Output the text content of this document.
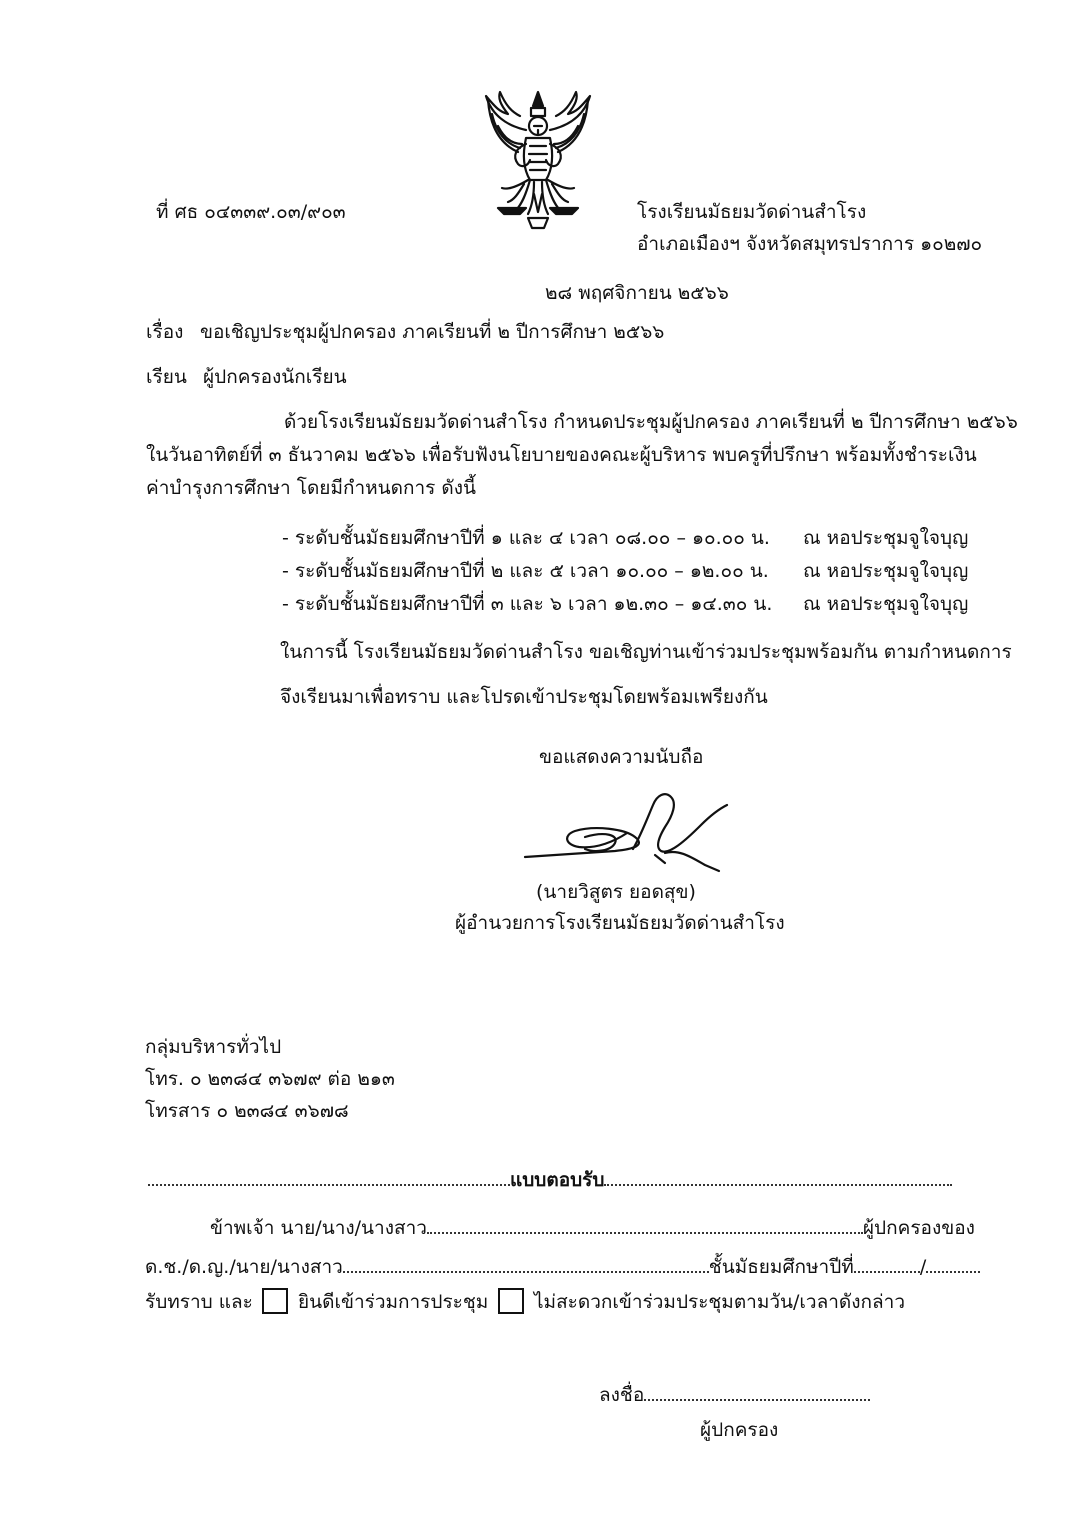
ที่ ศธ ๐๔๓๓๙.๐๓/๙๐๓	โรงเรียนมัธยมวัดด่านสำโรง
อำเภอเมืองฯ จังหวัดสมุทรปราการ ๑๐๒๗๐
๒๘ พฤศจิกายน ๒๕๖๖
เรื่อง ขอเชิญประชุมผู้ปกครอง ภาคเรียนที่ ๒ ปีการศึกษา ๒๕๖๖
เรียน ผู้ปกครองนักเรียน
ด้วยโรงเรียนมัธยมวัดด่านสำโรง กำหนดประชุมผู้ปกครอง ภาคเรียนที่ ๒ ปีการศึกษา ๒๕๖๖
ในวันอาทิตย์ที่ ๓ ธันวาคม ๒๕๖๖ เพื่อรับฟังนโยบายของคณะผู้บริหาร พบครูที่ปรึกษา พร้อมทั้งชำระเงิน
ค่าบำรุงการศึกษา โดยมีกำหนดการ ดังนี้
- ระดับชั้นมัธยมศึกษาปีที่ ๑ และ ๔ เวลา ๐๘.๐๐ – ๑๐.๐๐ น. ณ หอประชุมจูใจบุญ
- ระดับชั้นมัธยมศึกษาปีที่ ๒ และ ๕ เวลา ๑๐.๐๐ – ๑๒.๐๐ น. ณ หอประชุมจูใจบุญ
- ระดับชั้นมัธยมศึกษาปีที่ ๓ และ ๖ เวลา ๑๒.๓๐ – ๑๔.๓๐ น. ณ หอประชุมจูใจบุญ
ในการนี้ โรงเรียนมัธยมวัดด่านสำโรง ขอเชิญท่านเข้าร่วมประชุมพร้อมกัน ตามกำหนดการ
จึงเรียนมาเพื่อทราบ และโปรดเข้าประชุมโดยพร้อมเพรียงกัน
ขอแสดงความนับถือ
(นายวิสูตร ยอดสุข)
ผู้อำนวยการโรงเรียนมัธยมวัดด่านสำโรง
กลุ่มบริหารทั่วไป
โทร. ๐ ๒๓๘๔ ๓๖๗๙ ต่อ ๒๑๓
โทรสาร ๐ ๒๓๘๔ ๓๖๗๘
แบบตอบรับ
ข้าพเจ้า นาย/นาง/นางสาว	ผู้ปกครองของ
ด.ช./ด.ญ./นาย/นางสาว	ชั้นมัธยมศึกษาปีที่	/
รับทราบ และ ยินดีเข้าร่วมการประชุม ไม่สะดวกเข้าร่วมประชุมตามวัน/เวลาดังกล่าว
ลงชื่อ
ผู้ปกครอง
